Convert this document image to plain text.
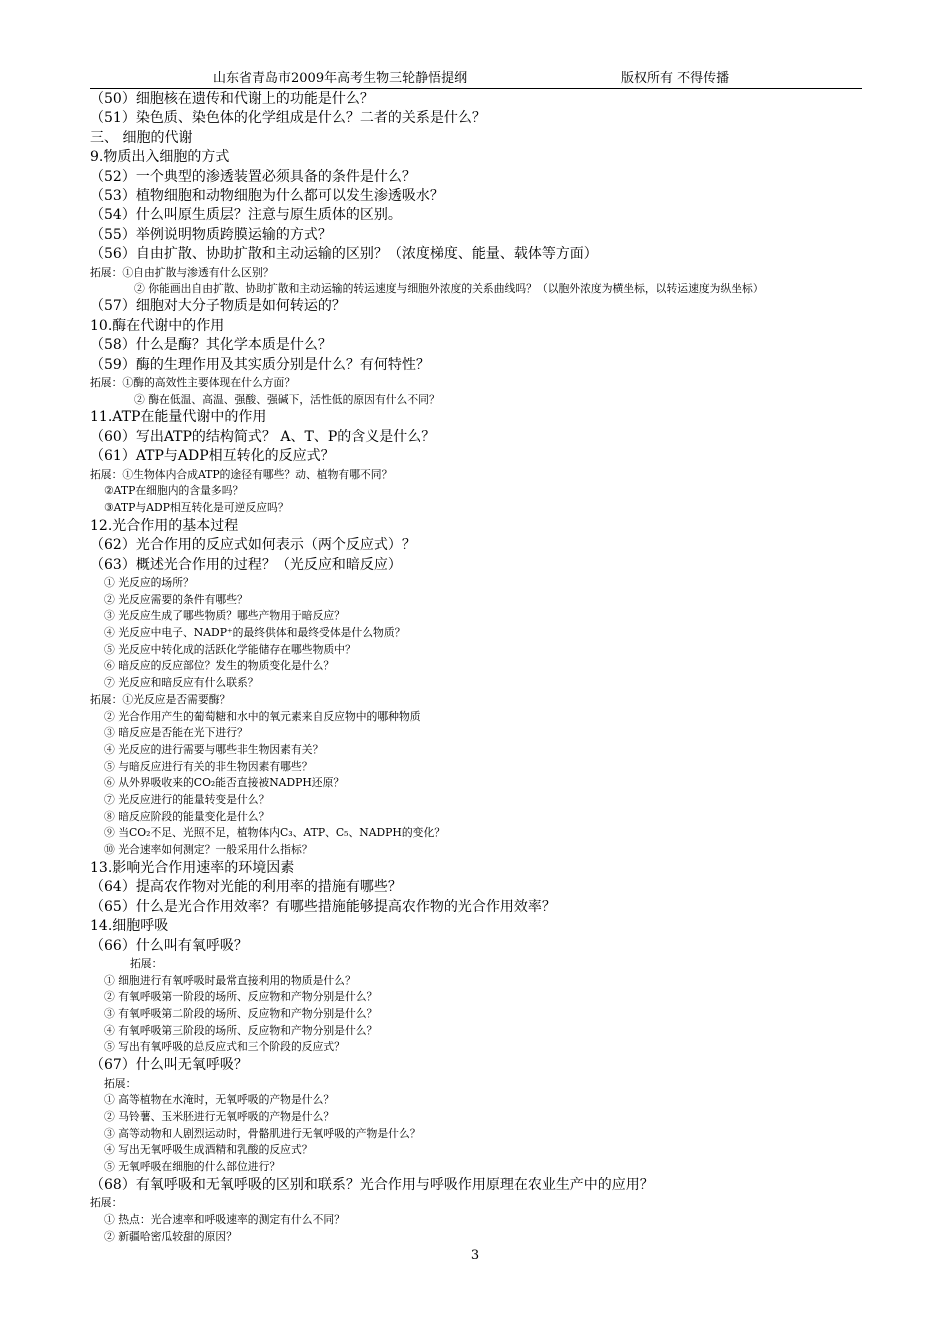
山东省青岛市2009年高考生物三轮静悟提纲	版权所有 不得传播
（50）细胞核在遗传和代谢上的功能是什么？
（51）染色质、染色体的化学组成是什么？二者的关系是什么？
三、 细胞的代谢
9.物质出入细胞的方式
（52）一个典型的渗透装置必须具备的条件是什么？
（53）植物细胞和动物细胞为什么都可以发生渗透吸水？
（54）什么叫原生质层？注意与原生质体的区别。
（55）举例说明物质跨膜运输的方式？
（56）自由扩散、协助扩散和主动运输的区别？（浓度梯度、能量、载体等方面）
拓展：①自由扩散与渗透有什么区别？
② 你能画出自由扩散、协助扩散和主动运输的转运速度与细胞外浓度的关系曲线吗？（以胞外浓度为横坐标，以转运速度为纵坐标）
（57）细胞对大分子物质是如何转运的？
10.酶在代谢中的作用
（58）什么是酶？其化学本质是什么？
（59）酶的生理作用及其实质分别是什么？有何特性？
拓展：①酶的高效性主要体现在什么方面？
② 酶在低温、高温、强酸、强碱下，活性低的原因有什么不同？
11.ATP在能量代谢中的作用
（60）写出ATP的结构简式？ A、T、P的含义是什么？
（61）ATP与ADP相互转化的反应式？
拓展：①生物体内合成ATP的途径有哪些？动、植物有哪不同？
②ATP在细胞内的含量多吗？
③ATP与ADP相互转化是可逆反应吗？
12.光合作用的基本过程
（62）光合作用的反应式如何表示（两个反应式）？
（63）概述光合作用的过程？（光反应和暗反应）
① 光反应的场所？
② 光反应需要的条件有哪些？
③ 光反应生成了哪些物质？哪些产物用于暗反应？
④ 光反应中电子、NADP⁺的最终供体和最终受体是什么物质？
⑤ 光反应中转化成的活跃化学能储存在哪些物质中？
⑥ 暗反应的反应部位？发生的物质变化是什么？
⑦ 光反应和暗反应有什么联系？
拓展：①光反应是否需要酶？
② 光合作用产生的葡萄糖和水中的氧元素来自反应物中的哪种物质
③ 暗反应是否能在光下进行？
④ 光反应的进行需要与哪些非生物因素有关？
⑤ 与暗反应进行有关的非生物因素有哪些？
⑥ 从外界吸收来的CO₂能否直接被NADPH还原？
⑦ 光反应进行的能量转变是什么？
⑧ 暗反应阶段的能量变化是什么？
⑨ 当CO₂不足、光照不足，植物体内C₃、ATP、C₅、NADPH的变化？
⑩ 光合速率如何测定？一般采用什么指标？
13.影响光合作用速率的环境因素
（64）提高农作物对光能的利用率的措施有哪些？
（65）什么是光合作用效率？有哪些措施能够提高农作物的光合作用效率？
14.细胞呼吸
（66）什么叫有氧呼吸？
拓展：
① 细胞进行有氧呼吸时最常直接利用的物质是什么？
② 有氧呼吸第一阶段的场所、反应物和产物分别是什么？
③ 有氧呼吸第二阶段的场所、反应物和产物分别是什么？
④ 有氧呼吸第三阶段的场所、反应物和产物分别是什么？
⑤ 写出有氧呼吸的总反应式和三个阶段的反应式？
（67）什么叫无氧呼吸？
拓展：
① 高等植物在水淹时，无氧呼吸的产物是什么？
② 马铃薯、玉米胚进行无氧呼吸的产物是什么？
③ 高等动物和人剧烈运动时，骨骼肌进行无氧呼吸的产物是什么？
④ 写出无氧呼吸生成酒精和乳酸的反应式？
⑤ 无氧呼吸在细胞的什么部位进行？
（68）有氧呼吸和无氧呼吸的区别和联系？光合作用与呼吸作用原理在农业生产中的应用？
拓展：
① 热点：光合速率和呼吸速率的测定有什么不同？
② 新疆哈密瓜较甜的原因？
3
